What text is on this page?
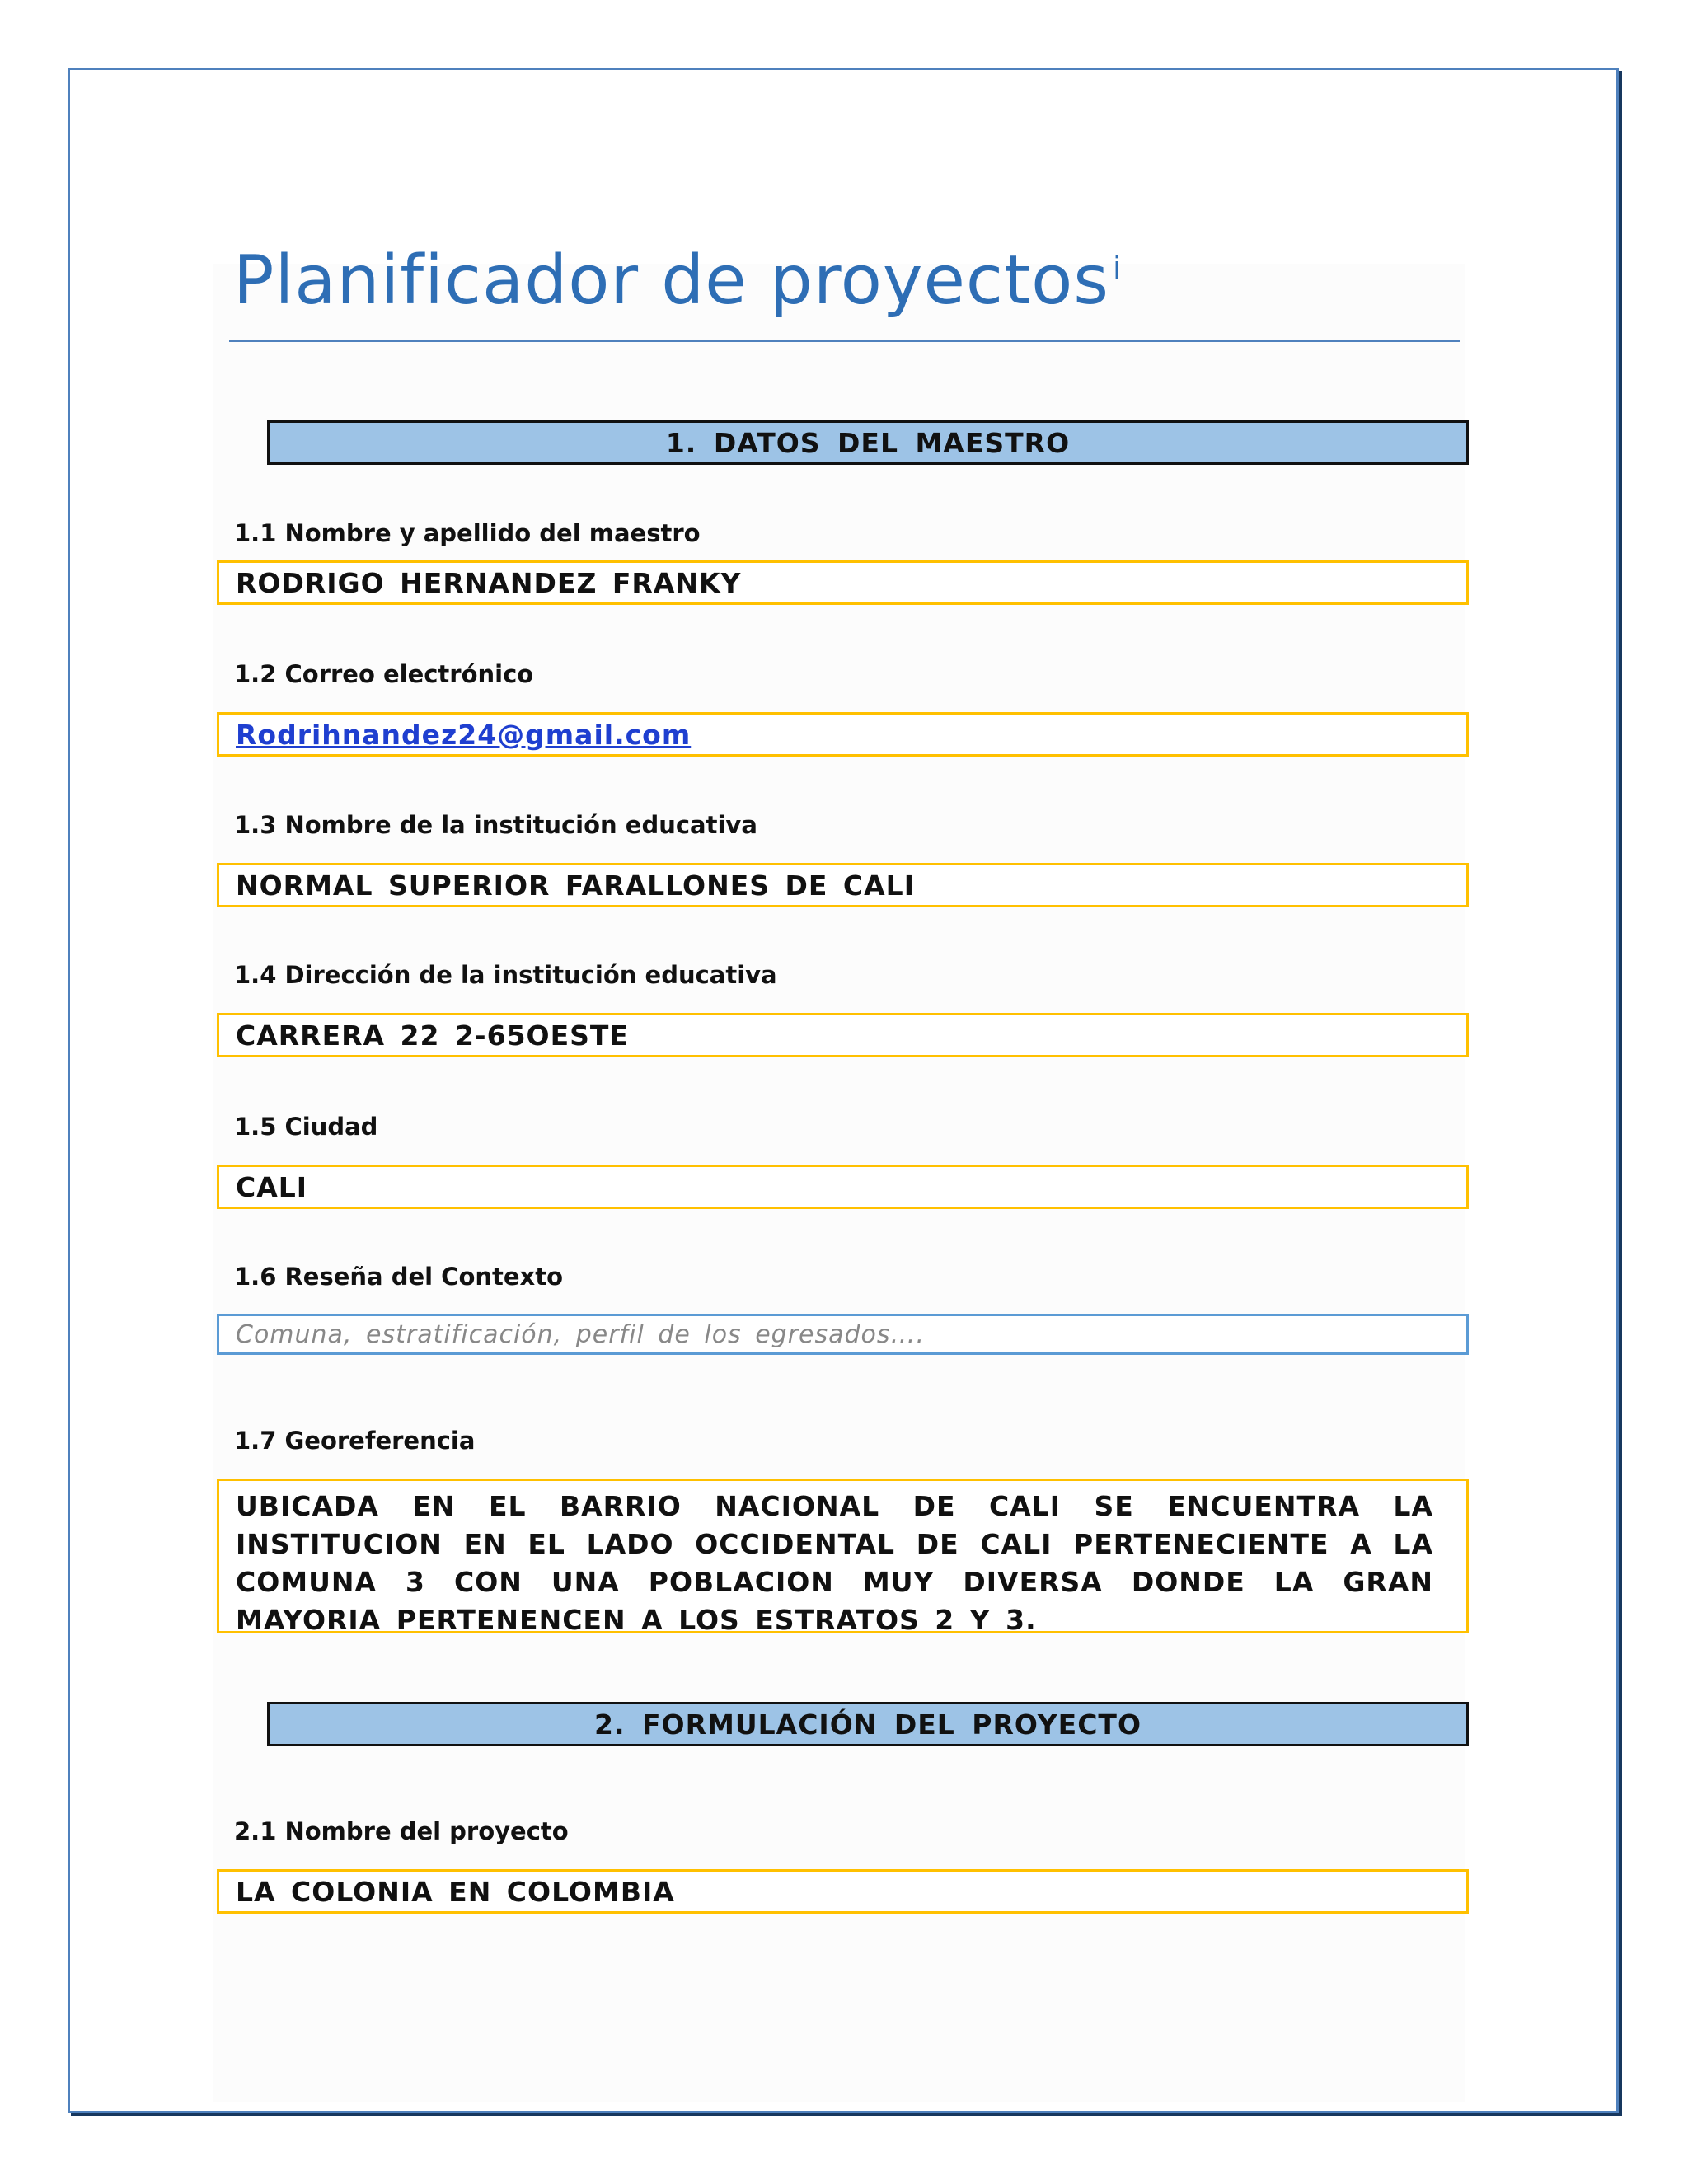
Planificador de proyectos $^i$
1. DATOS DEL MAESTRO
1.1 Nombre y apellido del maestro
RODRIGO HERNANDEZ FRANKY
1.2 Correo electrónico
Rodrihnandez24@gmail.com
1.3 Nombre de la institución educativa
NORMAL SUPERIOR FARALLONES DE CALI
1.4 Dirección de la institución educativa
CARRERA 22 2-65OESTE
1.5 Ciudad
CALI
1.6 Reseña del Contexto
Comuna, estratificación, perfil de los egresados….
1.7 Georeferencia
UBICADA EN EL BARRIO NACIONAL DE CALI SE ENCUENTRA LA INSTITUCION EN EL LADO OCCIDENTAL DE CALI PERTENECIENTE A LA COMUNA 3 CON UNA POBLACION MUY DIVERSA DONDE LA GRAN MAYORIA PERTENENCEN A LOS ESTRATOS 2 Y 3.
2. FORMULACIÓN DEL PROYECTO
2.1 Nombre del proyecto
LA COLONIA EN COLOMBIA
